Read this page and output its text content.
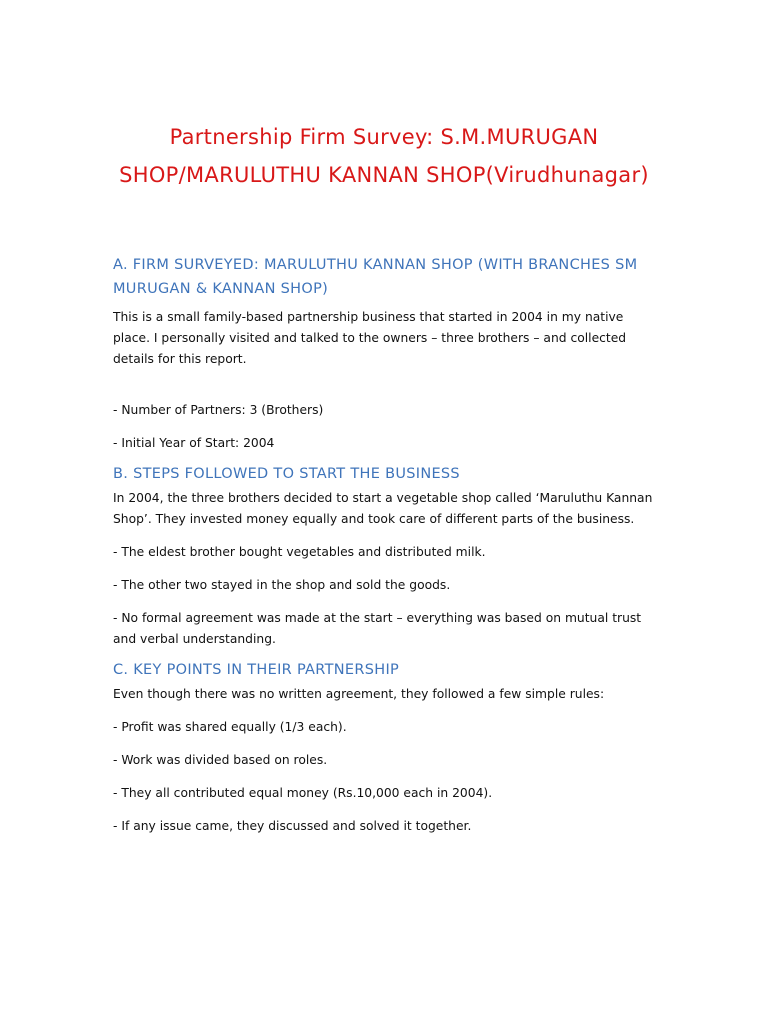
Partnership Firm Survey: S.M.MURUGAN
SHOP/MARULUTHU KANNAN SHOP(Virudhunagar)
A. FIRM SURVEYED: MARULUTHU KANNAN SHOP (WITH BRANCHES SM MURUGAN & KANNAN SHOP)

This is a small family-based partnership business that started in 2004 in my native place. I personally visited and talked to the owners – three brothers – and collected details for this report.

- Number of Partners: 3 (Brothers)

- Initial Year of Start: 2004

B. STEPS FOLLOWED TO START THE BUSINESS

In 2004, the three brothers decided to start a vegetable shop called ‘Maruluthu Kannan Shop’. They invested money equally and took care of different parts of the business.

- The eldest brother bought vegetables and distributed milk.

- The other two stayed in the shop and sold the goods.

- No formal agreement was made at the start – everything was based on mutual trust and verbal understanding.

C. KEY POINTS IN THEIR PARTNERSHIP

Even though there was no written agreement, they followed a few simple rules:

- Profit was shared equally (1/3 each).

- Work was divided based on roles.

- They all contributed equal money (Rs.10,000 each in 2004).

- If any issue came, they discussed and solved it together.
